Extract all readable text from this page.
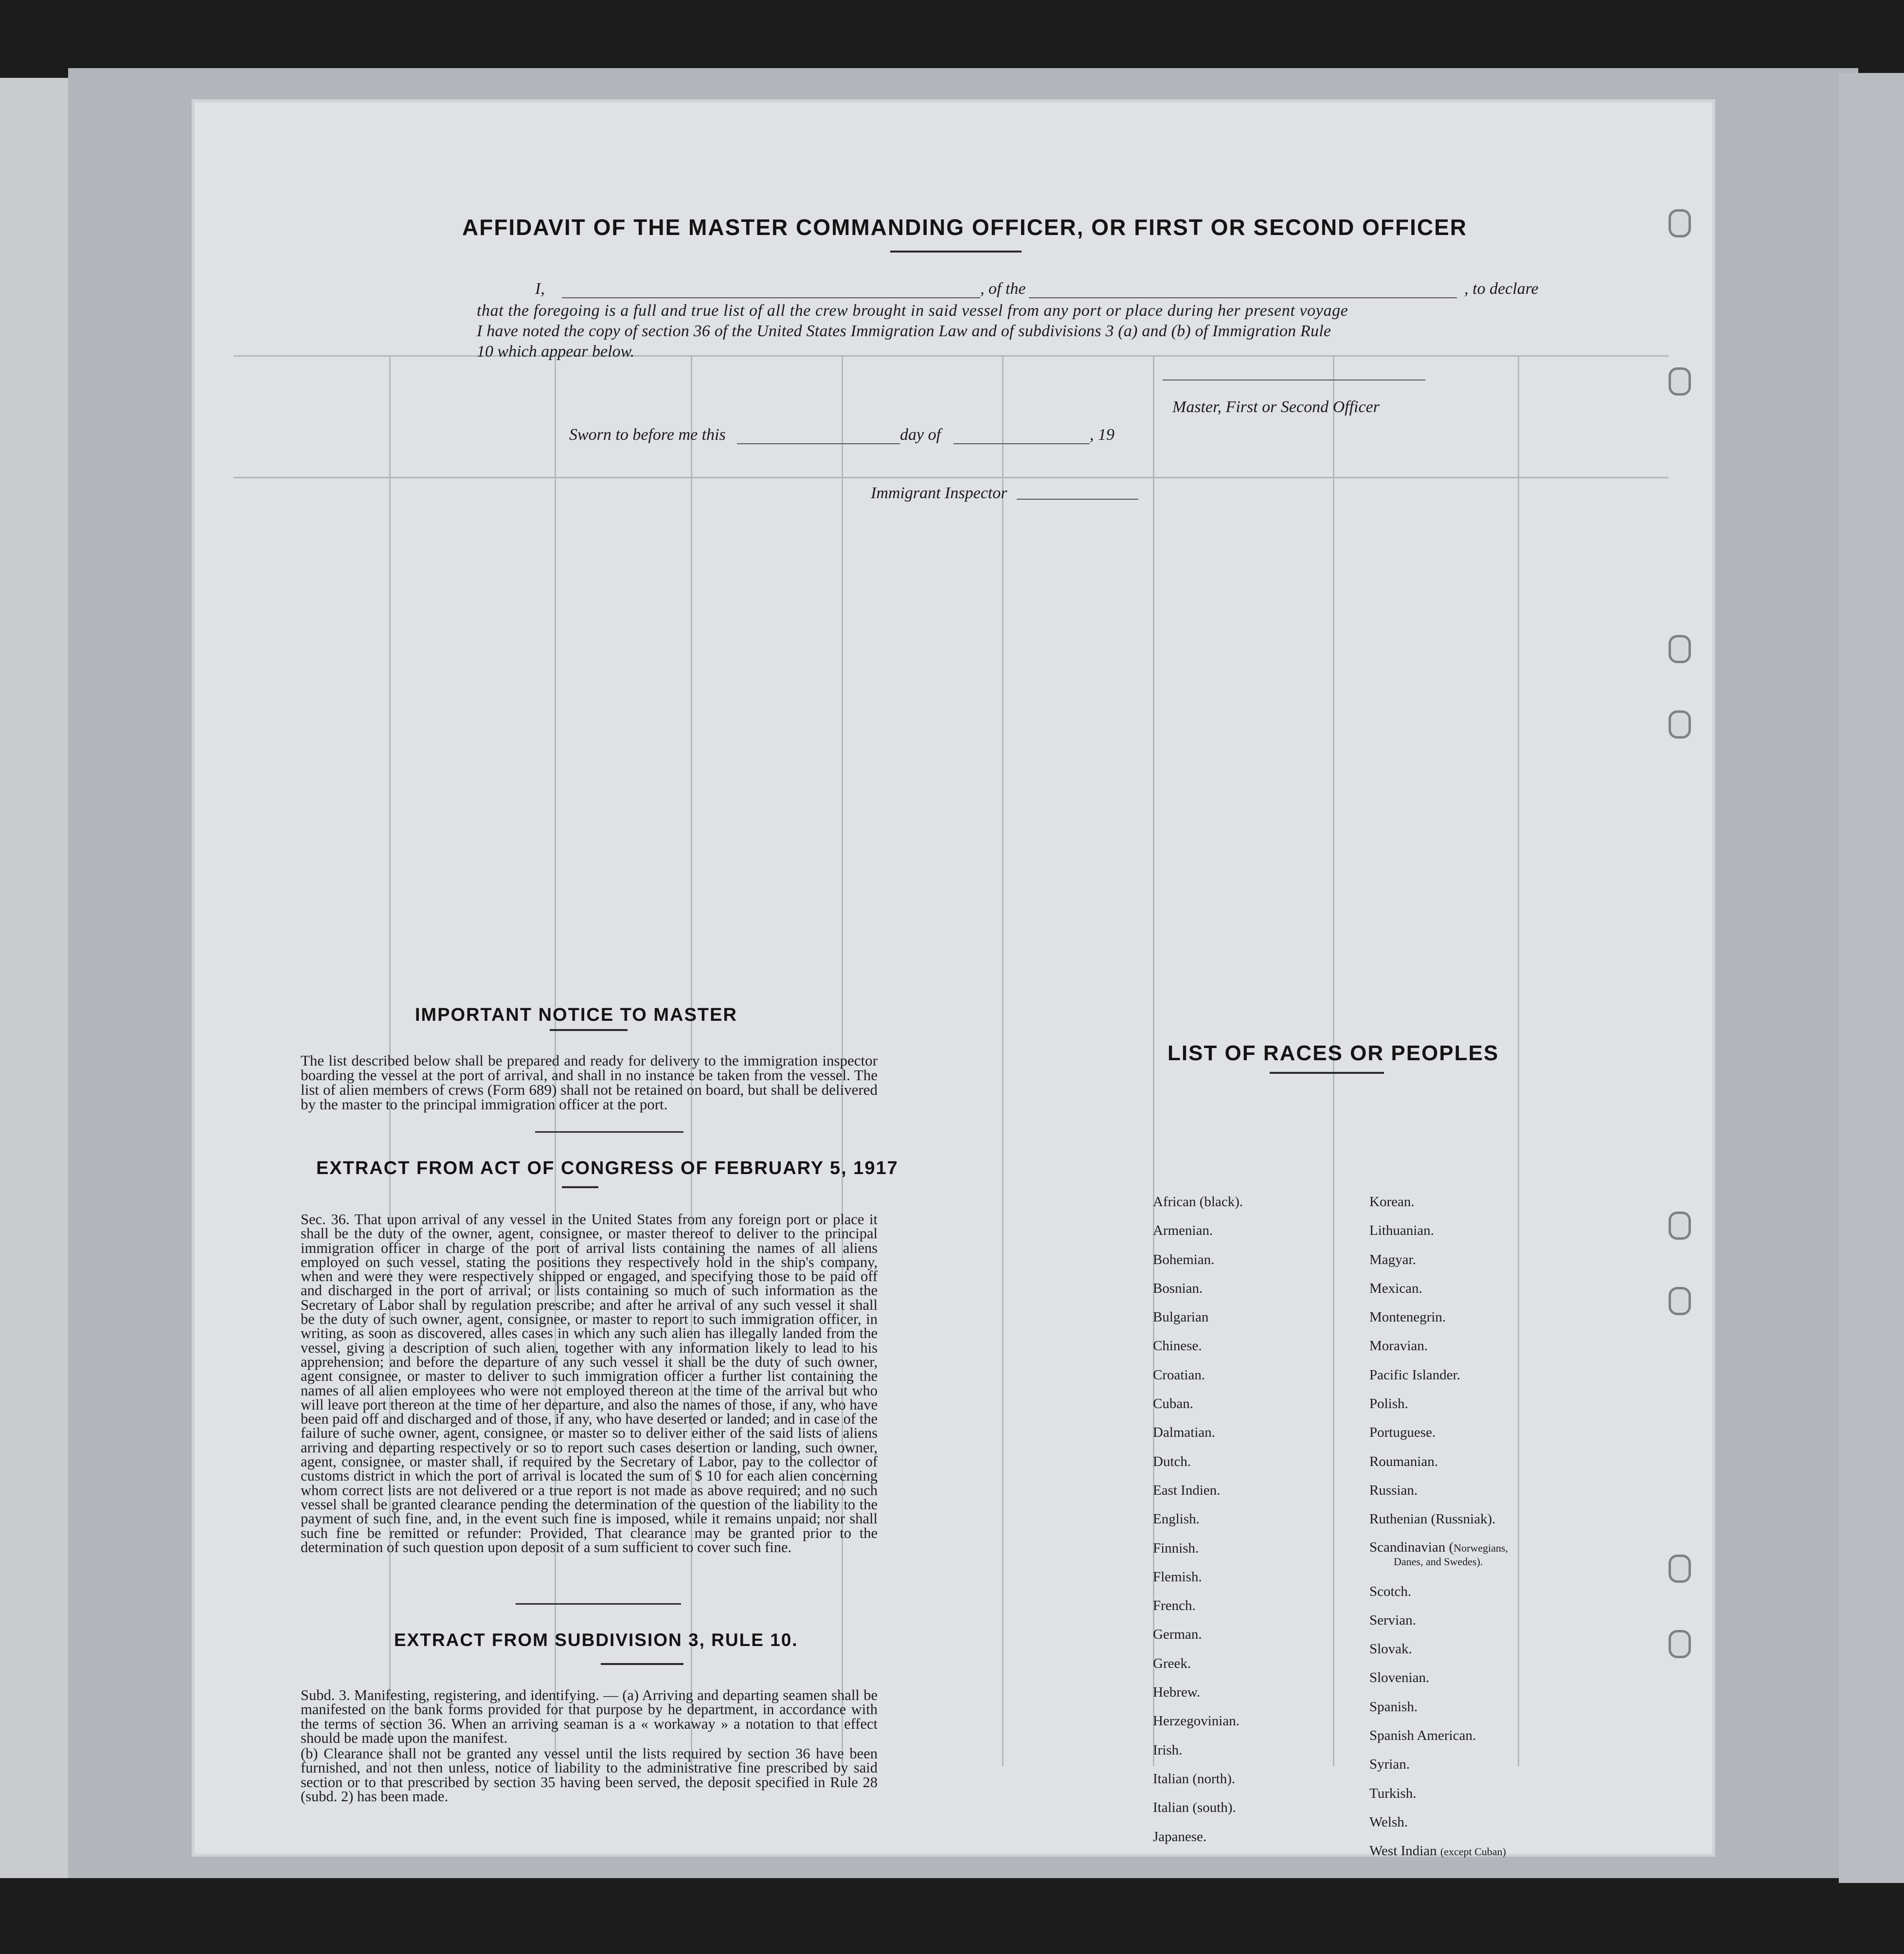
AFFIDAVIT OF THE MASTER COMMANDING OFFICER, OR FIRST OR SECOND OFFICER
I,	, of the	, to declare
that the foregoing is a full and true list of all the crew brought in said vessel from any port or place during her present voyage
I have noted the copy of section 36 of the United States Immigration Law and of subdivisions 3 (a) and (b) of Immigration Rule
10 which appear below.
Master, First or Second Officer
Sworn to before me this	day of	, 19
Immigrant Inspector
IMPORTANT NOTICE TO MASTER
The list described below shall be prepared and ready for delivery to the immigration inspector boarding the vessel at the port of arrival, and shall in no instance be taken from the vessel. The list of alien members of crews (Form 689) shall not be retained on board, but shall be delivered by the master to the principal immigration officer at the port.
EXTRACT FROM ACT OF CONGRESS OF FEBRUARY 5, 1917
Sec. 36. That upon arrival of any vessel in the United States from any foreign port or place it shall be the duty of the owner, agent, consignee, or master thereof to deliver to the principal immigration officer in charge of the port of arrival lists containing the names of all aliens employed on such vessel, stating the positions they respectively hold in the ship's company, when and were they were respectively shipped or engaged, and specifying those to be paid off and discharged in the port of arrival; or lists containing so much of such information as the Secretary of Labor shall by regulation prescribe; and after he arrival of any such vessel it shall be the duty of such owner, agent, consignee, or master to report to such immigration officer, in writing, as soon as discovered, alles cases in which any such alien has illegally landed from the vessel, giving a description of such alien, together with any information likely to lead to his apprehension; and before the departure of any such vessel it shall be the duty of such owner, agent consignee, or master to deliver to such immigration officer a further list containing the names of all alien employees who were not employed thereon at the time of the arrival but who will leave port thereon at the time of her departure, and also the names of those, if any, who have been paid off and discharged and of those, if any, who have deserted or landed; and in case of the failure of suche owner, agent, consignee, or master so to deliver either of the said lists of aliens arriving and departing respectively or so to report such cases desertion or landing, such owner, agent, consignee, or master shall, if required by the Secretary of Labor, pay to the collector of customs district in which the port of arrival is located the sum of $ 10 for each alien concerning whom correct lists are not delivered or a true report is not made as above required; and no such vessel shall be granted clearance pending the determination of the question of the liability to the payment of such fine, and, in the event such fine is imposed, while it remains unpaid; nor shall such fine be remitted or refunder: Provided, That clearance may be granted prior to the determination of such question upon deposit of a sum sufficient to cover such fine.
EXTRACT FROM SUBDIVISION 3, RULE 10.
Subd. 3. Manifesting, registering, and identifying. — (a) Arriving and departing seamen shall be manifested on the bank forms provided for that purpose by he department, in accordance with the terms of section 36. When an arriving seaman is a « workaway » a notation to that effect should be made upon the manifest.
(b) Clearance shall not be granted any vessel until the lists required by section 36 have been furnished, and not then unless, notice of liability to the administrative fine prescribed by said section or to that prescribed by section 35 having been served, the deposit specified in Rule 28 (subd. 2) has been made.
LIST OF RACES OR PEOPLES
African (black).
Armenian.
Bohemian.
Bosnian.
Bulgarian
Chinese.
Croatian.
Cuban.
Dalmatian.
Dutch.
East Indien.
English.
Finnish.
Flemish.
French.
German.
Greek.
Hebrew.
Herzegovinian.
Irish.
Italian (north).
Italian (south).
Japanese.
Korean.
Lithuanian.
Magyar.
Mexican.
Montenegrin.
Moravian.
Pacific Islander.
Polish.
Portuguese.
Roumanian.
Russian.
Ruthenian (Russniak).
Scandinavian (Norwegians,
Danes, and Swedes).
Scotch.
Servian.
Slovak.
Slovenian.
Spanish.
Spanish American.
Syrian.
Turkish.
Welsh.
West Indian (except Cuban)
